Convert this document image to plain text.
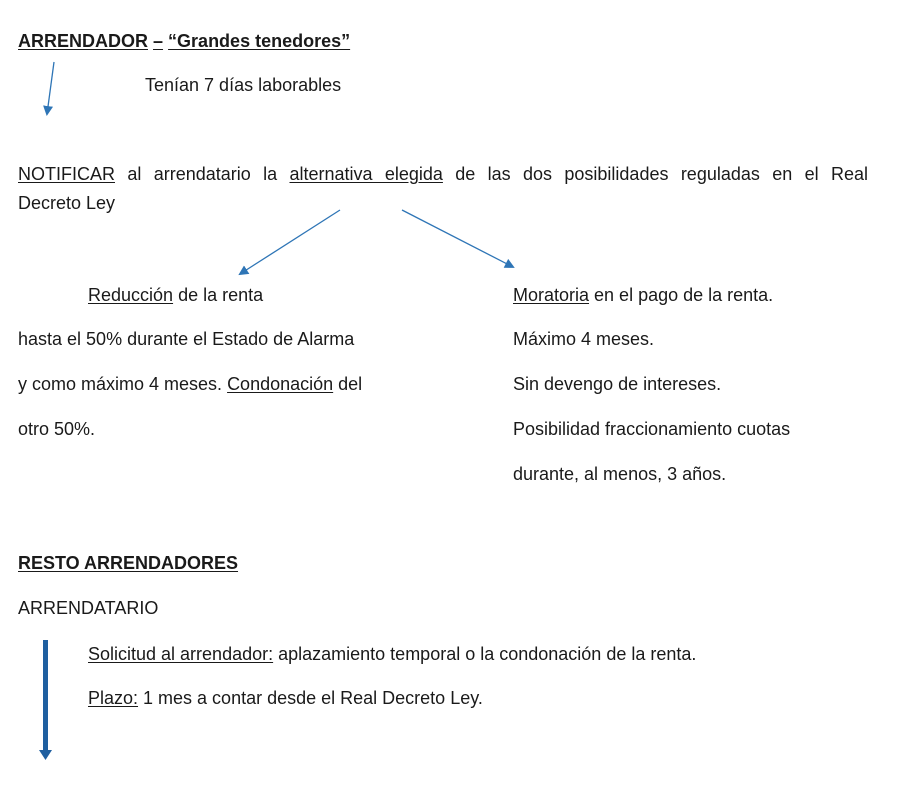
ARRENDADOR – “Grandes tenedores”
Tenían 7 días laborables
NOTIFICAR al arrendatario la alternativa elegida de las dos posibilidades reguladas en el Real
Decreto Ley
Reducción de la renta
hasta el 50% durante el Estado de Alarma
y como máximo 4 meses. Condonación del
otro 50%.
Moratoria en el pago de la renta.
Máximo 4 meses.
Sin devengo de intereses.
Posibilidad fraccionamiento cuotas
durante, al menos, 3 años.
RESTO ARRENDADORES
ARRENDATARIO
Solicitud al arrendador: aplazamiento temporal o la condonación de la renta.
Plazo: 1 mes a contar desde el Real Decreto Ley.
